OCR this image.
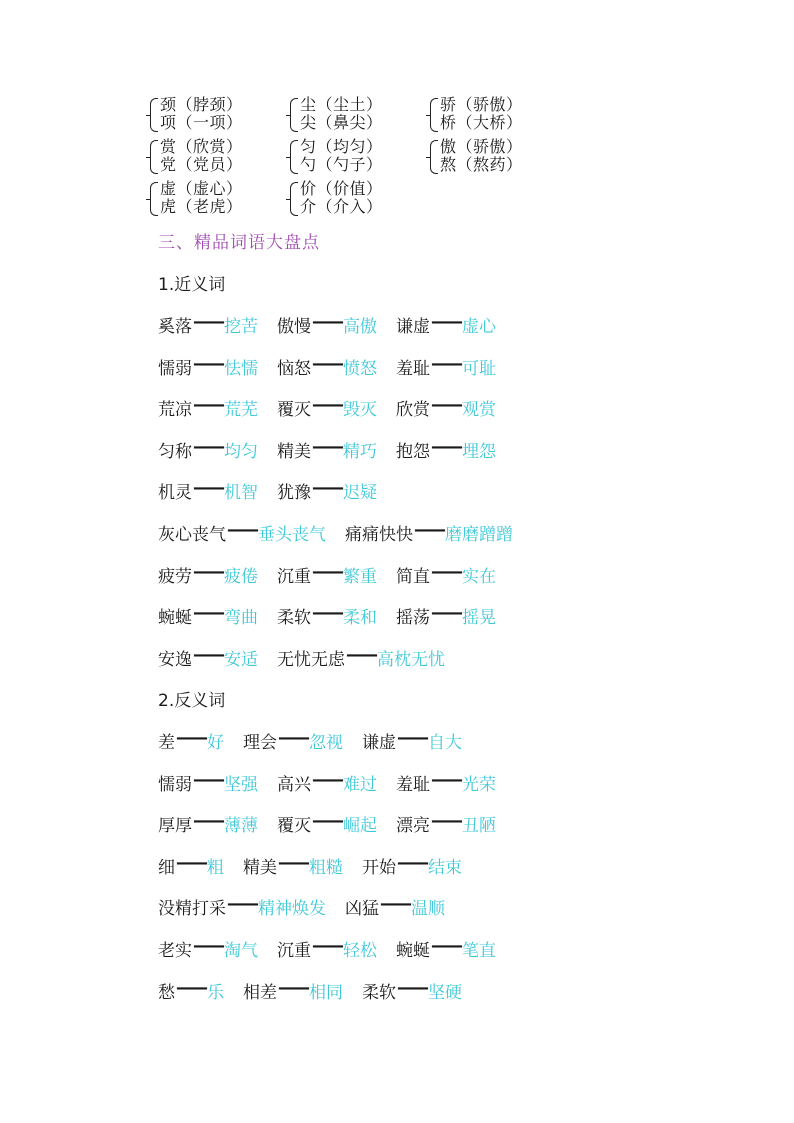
颈（脖颈）
项（一项）
尘（尘土）
尖（鼻尖）
骄（骄傲）
桥（大桥）
赏（欣赏）
党（党员）
匀（均匀）
勺（勺子）
傲（骄傲）
熬（熬药）
虚（虚心）
虎（老虎）
价（价值）
介（介入）
三、精品词语大盘点
1.近义词
奚落 —— 挖苦 傲慢 —— 高傲 谦虚 —— 虚心
懦弱 —— 怯懦 恼怒 —— 愤怒 羞耻 —— 可耻
荒凉 —— 荒芜 覆灭 —— 毁灭 欣赏 —— 观赏
匀称 —— 均匀 精美 —— 精巧 抱怨 —— 埋怨
机灵 —— 机智 犹豫 —— 迟疑
灰心丧气 —— 垂头丧气 痛痛快快 —— 磨磨蹭蹭
疲劳 —— 疲倦 沉重 —— 繁重 简直 —— 实在
蜿蜒 —— 弯曲 柔软 —— 柔和 摇荡 —— 摇晃
安逸 —— 安适 无忧无虑 —— 高枕无忧
2.反义词
差 —— 好 理会 —— 忽视 谦虚 —— 自大
懦弱 —— 坚强 高兴 —— 难过 羞耻 —— 光荣
厚厚 —— 薄薄 覆灭 —— 崛起 漂亮 —— 丑陋
细 —— 粗 精美 —— 粗糙 开始 —— 结束
没精打采 —— 精神焕发 凶猛 —— 温顺
老实 —— 淘气 沉重 —— 轻松 蜿蜒 —— 笔直
愁 —— 乐 相差 —— 相同 柔软 —— 坚硬
